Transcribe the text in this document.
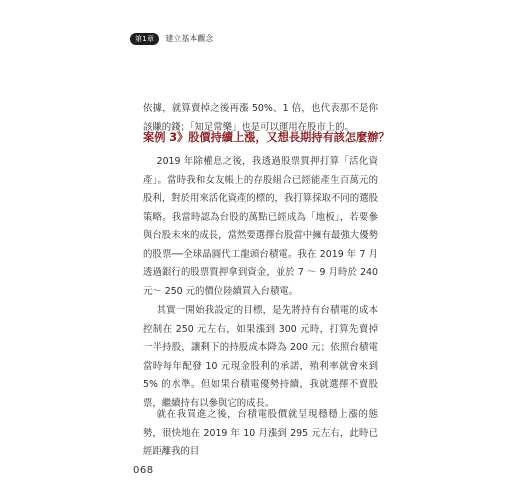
第1章	建立基本觀念
依據，就算賣掉之後再漲 50%、1 倍，也代表那不是你該賺的錢；「知足常樂」也是可以運用在股市上的。
案例 3》股價持續上漲，又想長期持有該怎麼辦？
2019 年除權息之後，我透過股票質押打算「活化資產」。當時我和女友帳上的存股組合已經能產生百萬元的股利，對於用來活化資產的標的，我打算採取不同的選股策略。我當時認為台股的萬點已經成為「地板」，若要參與台股未來的成長，當然要選擇台股當中擁有最強大優勢的股票──全球晶圓代工龍頭台積電。我在 2019 年 7 月透過銀行的股票質押拿到資金，並於 7 ～ 9 月時於 240 元～ 250 元的價位陸續買入台積電。
其實一開始我設定的目標，是先將持有台積電的成本控制在 250 元左右，如果漲到 300 元時，打算先賣掉一半持股，讓剩下的持股成本降為 200 元；依照台積電當時每年配發 10 元現金股利的承諾，殖利率就會來到 5% 的水準。但如果台積電優勢持續，我就選擇不賣股票，繼續持有以參與它的成長。
就在我買進之後，台積電股價就呈現穩穩上漲的態勢，很快地在 2019 年 10 月漲到 295 元左右，此時已經距離我的目
068
